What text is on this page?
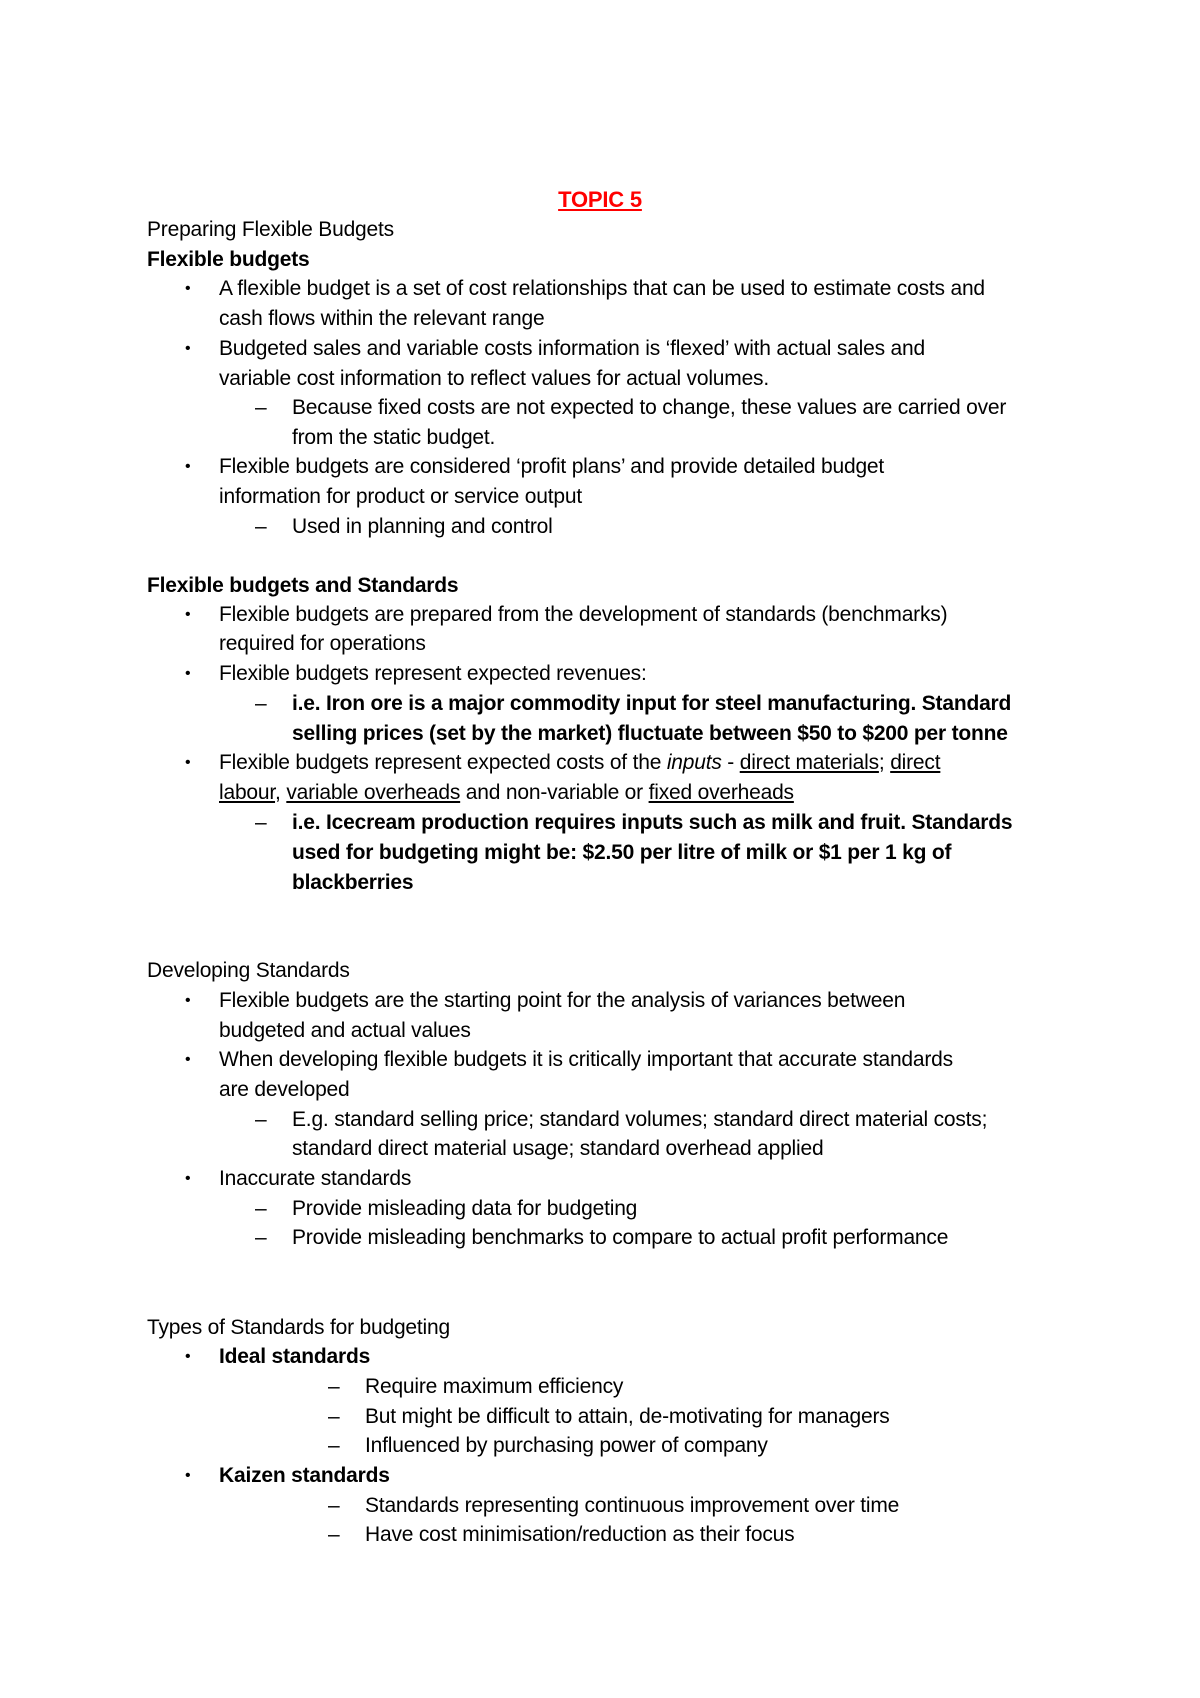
TOPIC 5
Preparing Flexible Budgets
Flexible budgets
• A flexible budget is a set of cost relationships that can be used to estimate costs and
cash flows within the relevant range
• Budgeted sales and variable costs information is ‘flexed’ with actual sales and
variable cost information to reflect values for actual volumes.
– Because fixed costs are not expected to change, these values are carried over
from the static budget.
• Flexible budgets are considered ‘profit plans’ and provide detailed budget
information for product or service output
– Used in planning and control
Flexible budgets and Standards
• Flexible budgets are prepared from the development of standards (benchmarks)
required for operations
• Flexible budgets represent expected revenues:
– i.e. Iron ore is a major commodity input for steel manufacturing. Standard
selling prices (set by the market) fluctuate between $50 to $200 per tonne
• Flexible budgets represent expected costs of the inputs - direct materials; direct
labour, variable overheads and non-variable or fixed overheads
– i.e. Icecream production requires inputs such as milk and fruit. Standards
used for budgeting might be: $2.50 per litre of milk or $1 per 1 kg of
blackberries
Developing Standards
• Flexible budgets are the starting point for the analysis of variances between
budgeted and actual values
• When developing flexible budgets it is critically important that accurate standards
are developed
– E.g. standard selling price; standard volumes; standard direct material costs;
standard direct material usage; standard overhead applied
• Inaccurate standards
– Provide misleading data for budgeting
– Provide misleading benchmarks to compare to actual profit performance
Types of Standards for budgeting
• Ideal standards
– Require maximum efficiency
– But might be difficult to attain, de-motivating for managers
– Influenced by purchasing power of company
• Kaizen standards
– Standards representing continuous improvement over time
– Have cost minimisation/reduction as their focus
